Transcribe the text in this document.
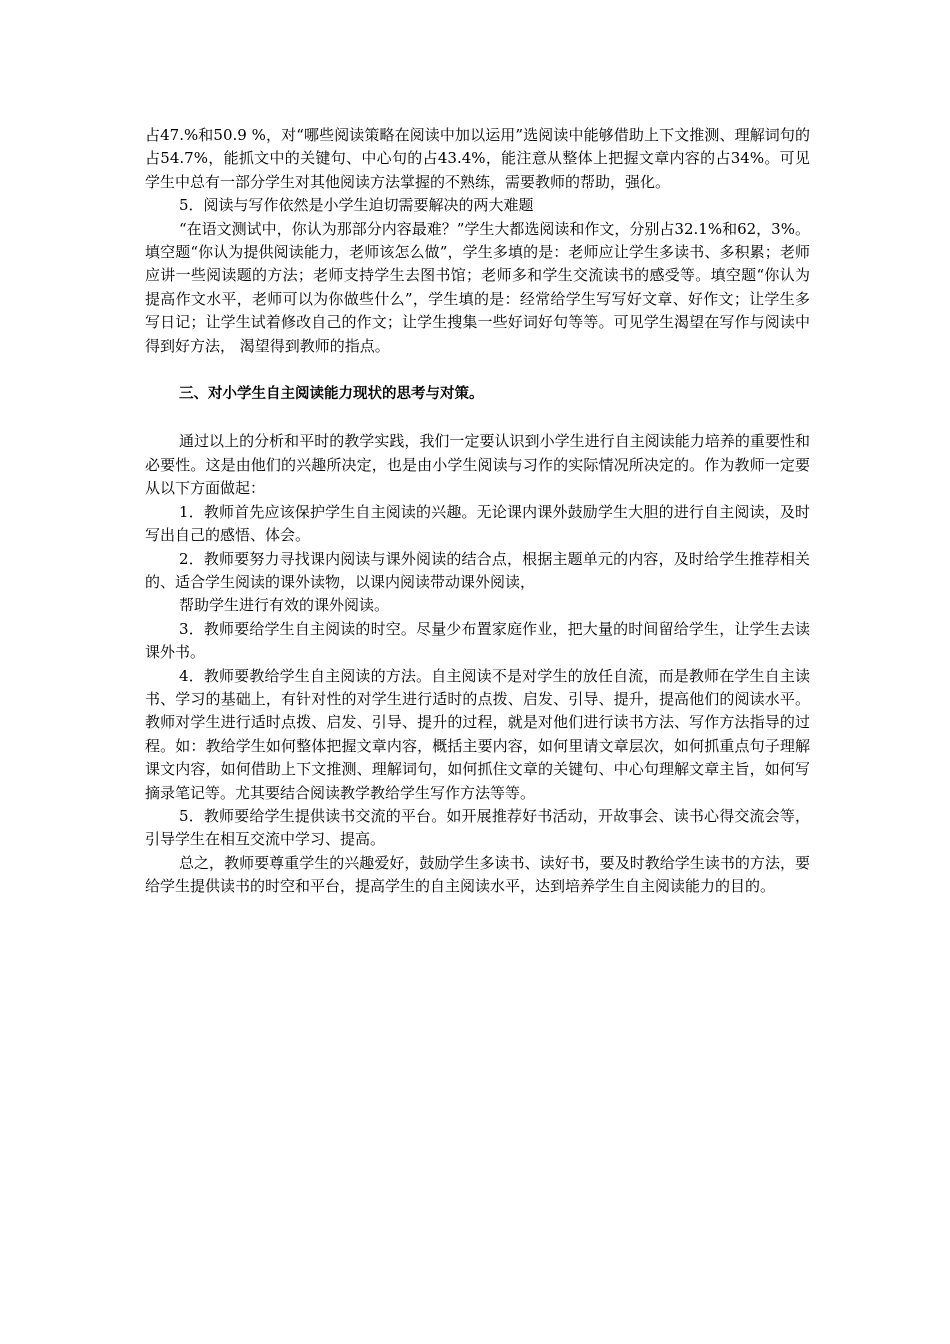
占47.%和50.9 %，对“哪些阅读策略在阅读中加以运用”选阅读中能够借助上下文推测、理解词句的占54.7%，能抓文中的关键句、中心句的占43.4%，能注意从整体上把握文章内容的占34%。可见学生中总有一部分学生对其他阅读方法掌握的不熟练，需要教师的帮助，强化。

5．阅读与写作依然是小学生迫切需要解决的两大难题

“在语文测试中，你认为那部分内容最难？”学生大都选阅读和作文，分别占32.1%和62，3%。填空题“你认为提供阅读能力，老师该怎么做”，学生多填的是：老师应让学生多读书、多积累；老师应讲一些阅读题的方法；老师支持学生去图书馆；老师多和学生交流读书的感受等。填空题“你认为提高作文水平，老师可以为你做些什么”，学生填的是：经常给学生写写好文章、好作文；让学生多写日记；让学生试着修改自己的作文；让学生搜集一些好词好句等等。可见学生渴望在写作与阅读中得到好方法， 渴望得到教师的指点。

三、对小学生自主阅读能力现状的思考与对策。

通过以上的分析和平时的教学实践，我们一定要认识到小学生进行自主阅读能力培养的重要性和必要性。这是由他们的兴趣所决定，也是由小学生阅读与习作的实际情况所决定的。作为教师一定要从以下方面做起：

1．教师首先应该保护学生自主阅读的兴趣。无论课内课外鼓励学生大胆的进行自主阅读，及时写出自己的感悟、体会。

2．教师要努力寻找课内阅读与课外阅读的结合点，根据主题单元的内容，及时给学生推荐相关的、适合学生阅读的课外读物，以课内阅读带动课外阅读，

帮助学生进行有效的课外阅读。

3．教师要给学生自主阅读的时空。尽量少布置家庭作业，把大量的时间留给学生，让学生去读课外书。

4．教师要教给学生自主阅读的方法。自主阅读不是对学生的放任自流，而是教师在学生自主读书、学习的基础上，有针对性的对学生进行适时的点拨、启发、引导、提升，提高他们的阅读水平。教师对学生进行适时点拨、启发、引导、提升的过程，就是对他们进行读书方法、写作方法指导的过程。如：教给学生如何整体把握文章内容，概括主要内容，如何里请文章层次，如何抓重点句子理解课文内容，如何借助上下文推测、理解词句，如何抓住文章的关键句、中心句理解文章主旨，如何写摘录笔记等。尤其要结合阅读教学教给学生写作方法等等。

5．教师要给学生提供读书交流的平台。如开展推荐好书活动，开故事会、读书心得交流会等，引导学生在相互交流中学习、提高。

总之，教师要尊重学生的兴趣爱好，鼓励学生多读书、读好书，要及时教给学生读书的方法，要给学生提供读书的时空和平台，提高学生的自主阅读水平，达到培养学生自主阅读能力的目的。
